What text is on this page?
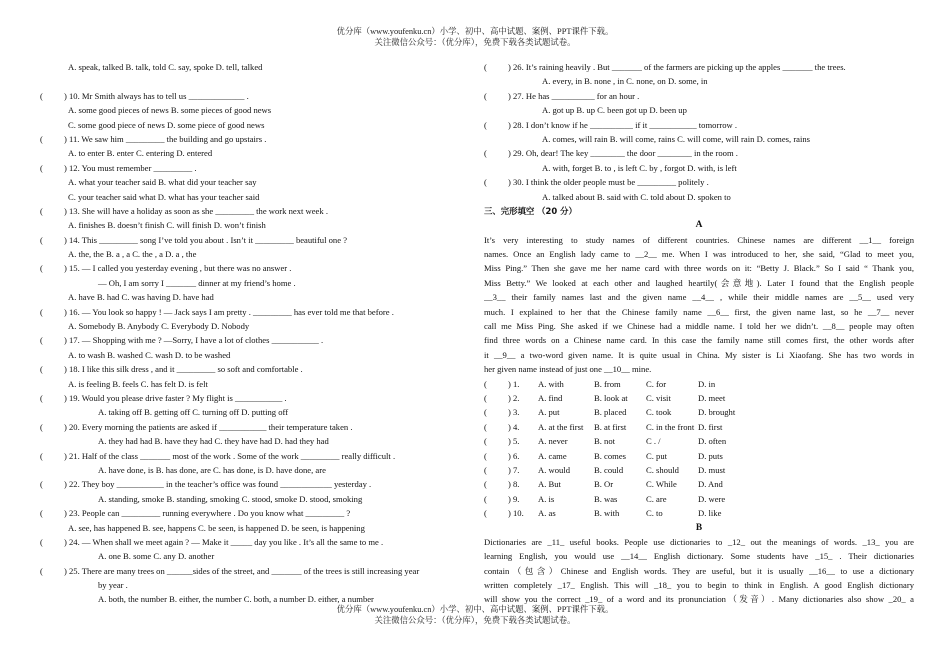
优分库（www.youfenku.cn）小学、初中、高中试题、案例、PPT课件下载。
关注微信公众号：（优分库），免费下载各类试题试卷。
A. speak, talked B. talk, told C. say, spoke D. tell, talked
( ) 10. Mr Smith always has to tell us _____________ .
A. some good pieces of news B. some pieces of good news
C. some good piece of news D. some piece of good news
( ) 11. We saw him _________ the building and go upstairs .
A. to enter B. enter C. entering D. entered
( ) 12. You must remember _________ .
A. what your teacher said B. what did your teacher say
C. your teacher said what D. what has your teacher said
( ) 13. She will have a holiday as soon as she _________ the work next week .
A. finishes B. doesn’t finish C. will finish D. won’t finish
( ) 14. This _________ song I’ve told you about . Isn’t it _________ beautiful one ?
A. the, the B. a , a C. the , a D. a , the
( ) 15. — I called you yesterday evening , but there was no answer .
— Oh, I am sorry I _______ dinner at my friend’s home .
A. have B. had C. was having D. have had
( ) 16. — You look so happy ! — Jack says I am pretty . _________ has ever told me that before .
A. Somebody B. Anybody C. Everybody D. Nobody
( ) 17. — Shopping with me ? —Sorry, I have a lot of clothes ___________ .
A. to wash B. washed C. wash D. to be washed
( ) 18. I like this silk dress , and it _________ so soft and comfortable .
A. is feeling B. feels C. has felt D. is felt
( ) 19. Would you please drive faster ? My flight is ___________ .
A. taking off B. getting off C. turning off D. putting off
( ) 20. Every morning the patients are asked if ___________ their temperature taken .
A. they had had B. have they had C. they have had D. had they had
( ) 21. Half of the class _______ most of the work . Some of the work _________ really difficult .
A. have done, is B. has done, are C. has done, is D. have done, are
( ) 22. They boy ___________ in the teacher’s office was found ____________ yesterday .
A. standing, smoke B. standing, smoking C. stood, smoke D. stood, smoking
( ) 23. People can _________ running everywhere . Do you know what _________ ?
A. see, has happened B. see, happens C. be seen, is happened D. be seen, is happening
( ) 24. — When shall we meet again ? — Make it _____ day you like . It’s all the same to me .
A. one B. some C. any D. another
( ) 25. There are many trees on ______sides of the street, and _______ of the trees is still increasing year
by year .
A. both, the number B. either, the number C. both, a number D. either, a number
( ) 26. It’s raining heavily . But _______ of the farmers are picking up the apples _______ the trees.
A. every, in B. none , in C. none, on D. some, in
( ) 27. He has __________ for an hour .
A. got up B. up C. been got up D. been up
( ) 28. I don’t know if he __________ if it ___________ tomorrow .
A. comes, will rain B. will come, rains C. will come, will rain D. comes, rains
( ) 29. Oh, dear! The key ________ the door ________ in the room .
A. with, forget B. to , is left C. by , forgot D. with, is left
( ) 30. I think the older people must be _________ politely .
A. talked about B. said with C. told about D. spoken to
三、完形填空 （20 分）
A
It’s very interesting to study names of different countries. Chinese names are different __1__ foreign
names. Once an English lady came to __2__ me. When I was introduced to her, she said, “Glad to meet you,
Miss Ping.” Then she gave me her name card with three words on it: “Betty J. Black.” So I said “ Thank you,
Miss Betty.” We looked at each other and laughed heartily(会意地). Later I found that the English people
__3__ their family names last and the given name __4__ , while their middle names are __5__ used very
much. I explained to her that the Chinese family name __6__ first, the given name last, so he __7__ never
call me Miss Ping. She asked if we Chinese had a middle name. I told her we didn’t. __8__ people may often
find three words on a Chinese name card. In this case the family name still comes first, the other words after
it __9__ a two-word given name. It is quite usual in China. My sister is Li Xiaofang. She has two words in
her given name instead of just one __10__ mine.
( ) 1. A. with	B. from	C. for	D. in
( ) 2. A. find	B. look at C. visit	D. meet
( ) 3. A. put	B. placed C. took	D. brought
( ) 4. A. at the first B. at first C. in the front D. first
( ) 5. A. never	B. not	C . /	D. often
( ) 6. A. came	B. comes C. put	D. puts
( ) 7. A. would	B. could	C. should D. must
( ) 8. A. But	B. Or	C. While D. And
( ) 9. A. is	B. was	C. are	D. were
( ) 10. A. as	B. with	C. to	D. like
B
Dictionaries are _11_ useful books. People use dictionaries to _12_ out the meanings of words. _13_ you are
learning English, you would use __14__ English dictionary. Some students have _15_ . Their dictionaries
contain（包含）Chinese and English words. They are useful, but it is usually __16__ to use a dictionary
written completely _17_ English. This will _18_ you to begin to think in English. A good English dictionary
will show you the correct _19_ of a word and its pronunciation（发音）. Many dictionaries also show _20_ a
优分库（www.youfenku.cn）小学、初中、高中试题、案例、PPT课件下载。
关注微信公众号：（优分库），免费下载各类试题试卷。
